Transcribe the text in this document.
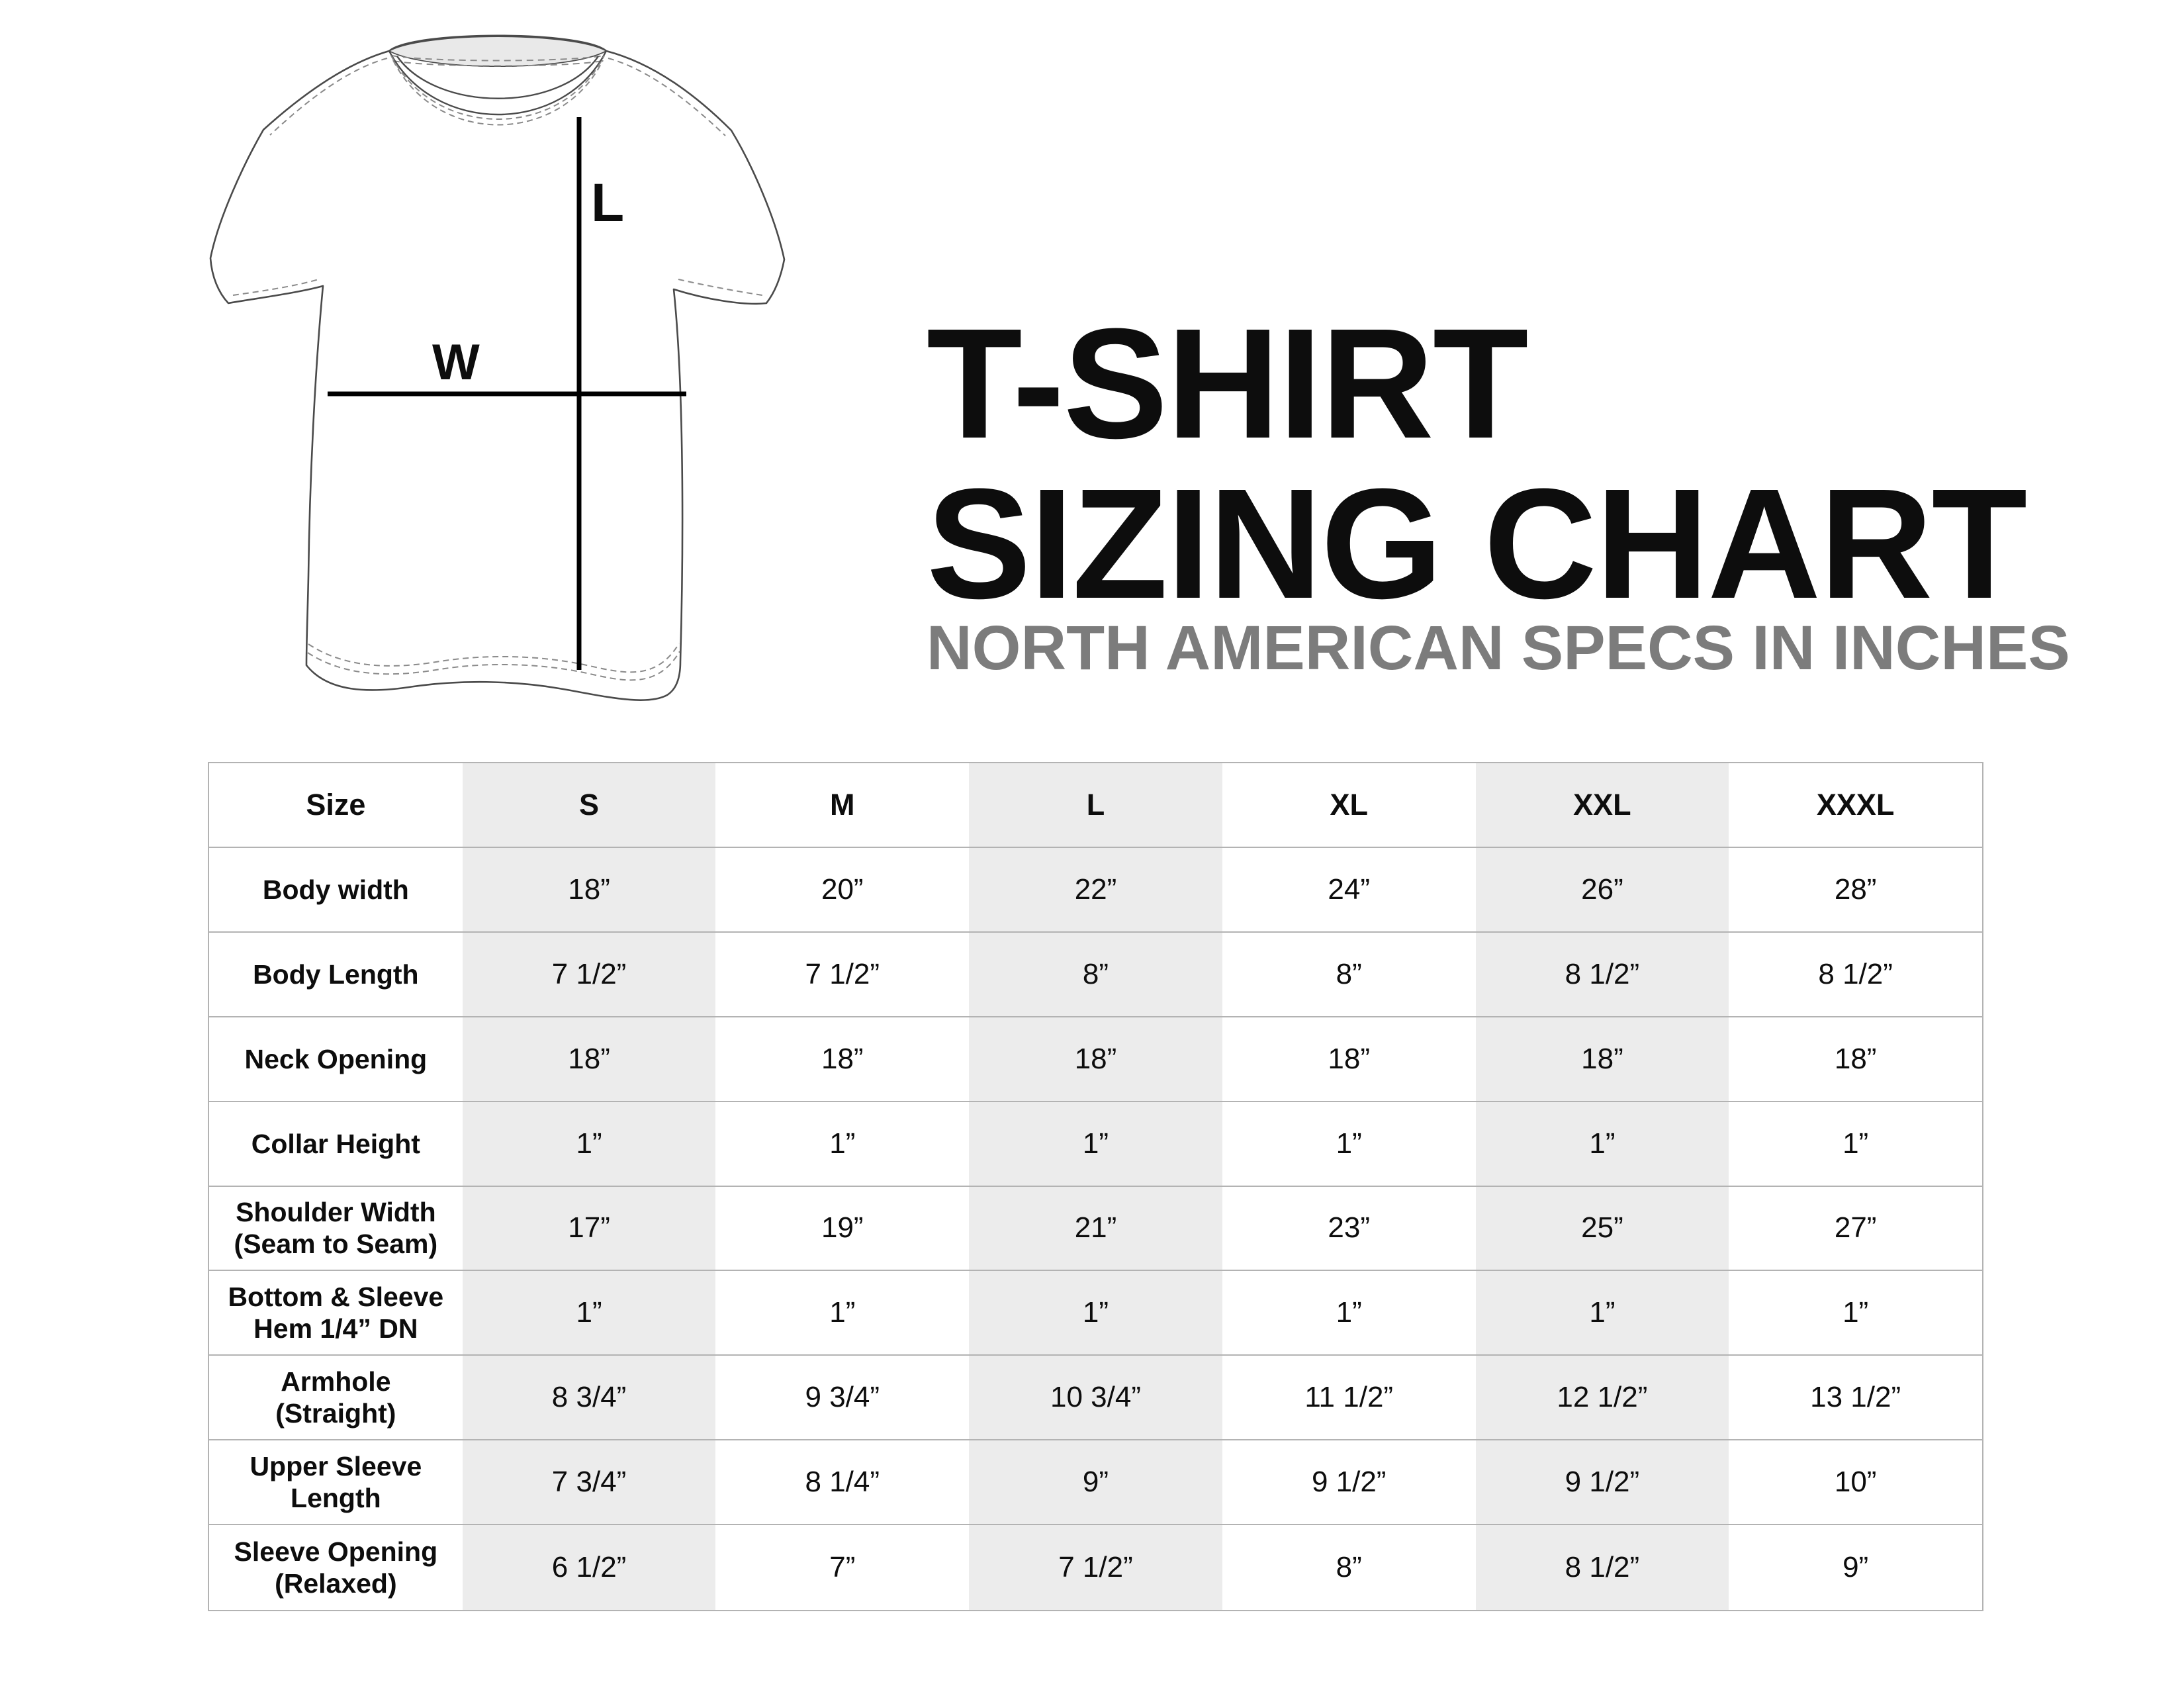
L
W	T-SHIRT
SIZING CHART
NORTH AMERICAN SPECS IN INCHES
Size	S	M	L	XL	XXL	XXXL
Body width	18”	20”	22”	24”	26”	28”
Body Length	7 1/2”	7 1/2”	8”	8”	8 1/2”	8 1/2”
Neck Opening	18”	18”	18”	18”	18”	18”
Collar Height	1”	1”	1”	1”	1”	1”
Shoulder Width
(Seam to Seam)	17”	19”	21”	23”	25”	27”
Bottom & Sleeve
Hem 1/4” DN	1”	1”	1”	1”	1”	1”
Armhole
(Straight)	8 3/4”	9 3/4”	10 3/4”	11 1/2”	12 1/2”	13 1/2”
Upper Sleeve
Length	7 3/4”	8 1/4”	9”	9 1/2”	9 1/2”	10”
Sleeve Opening
(Relaxed)	6 1/2”	7”	7 1/2”	8”	8 1/2”	9”
